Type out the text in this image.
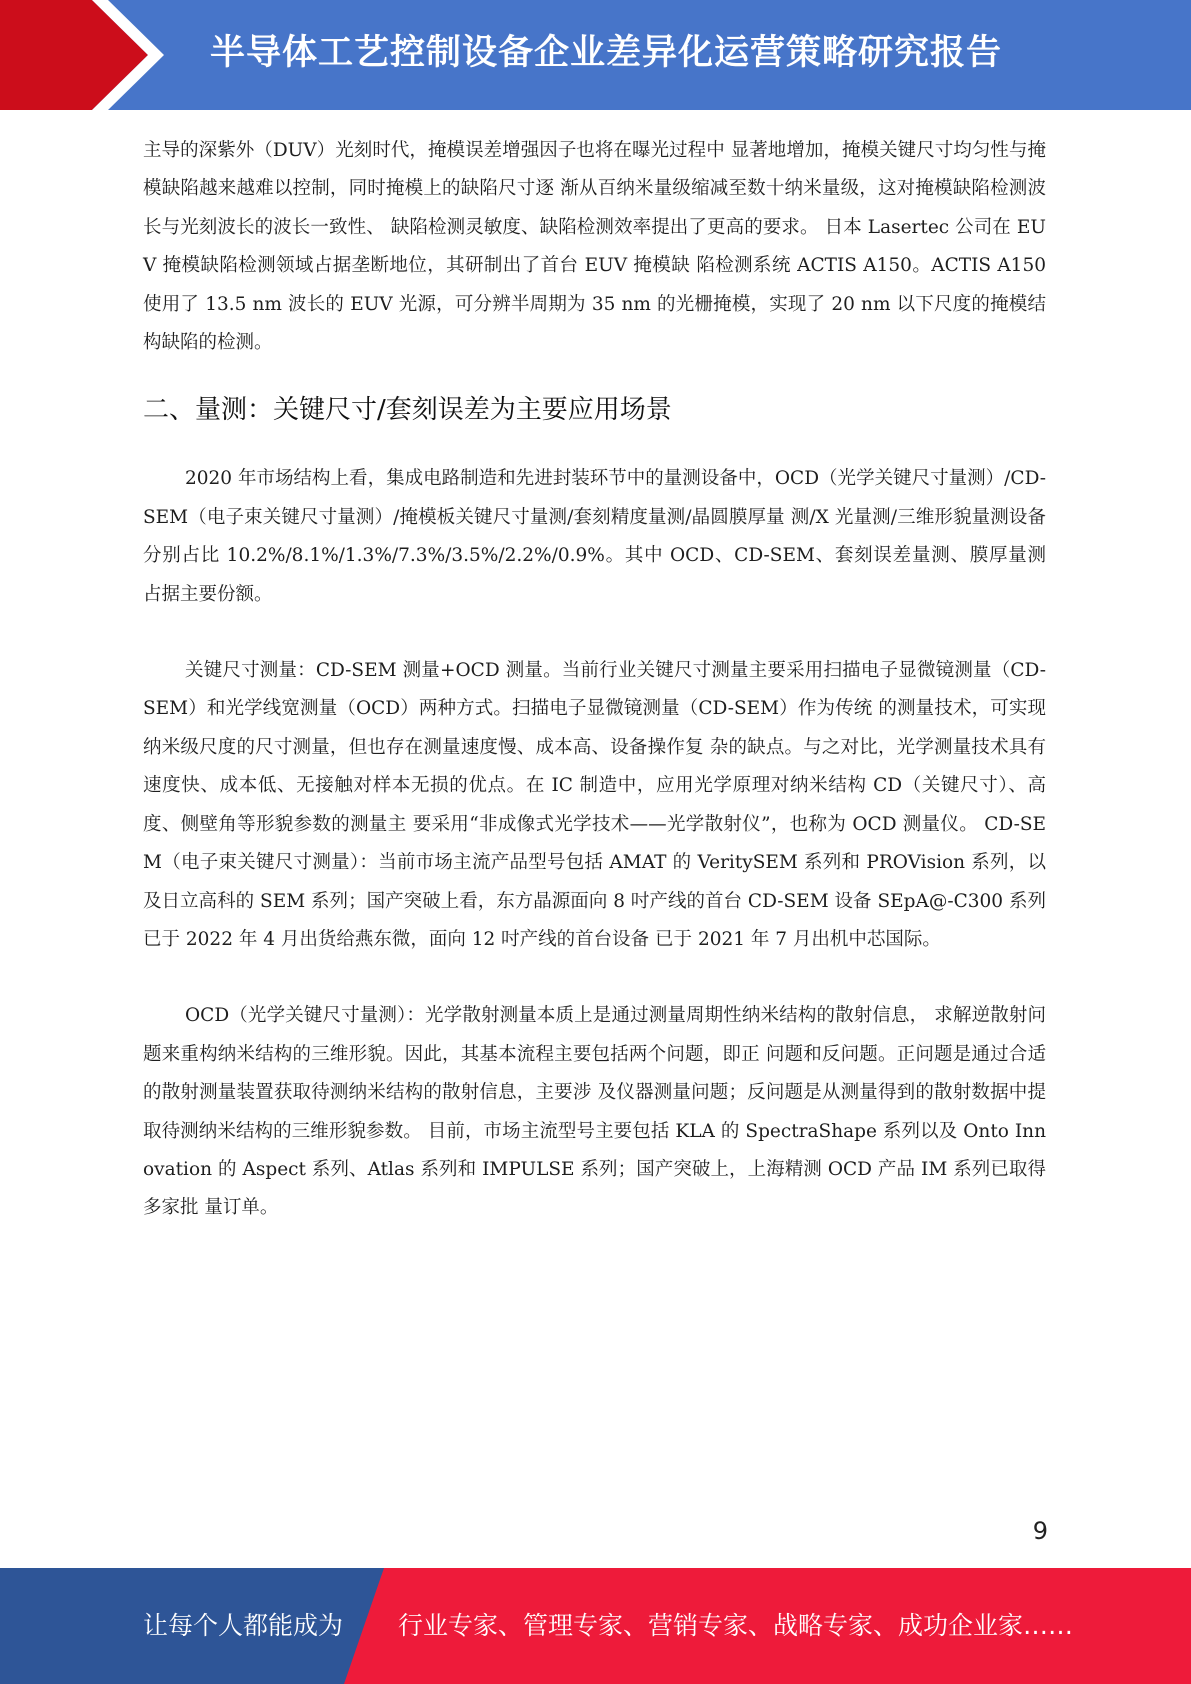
半导体工艺控制设备企业差异化运营策略研究报告

主导的深紫外（DUV）光刻时代，掩模误差增强因子也将在曝光过程中 显著地增加，掩模关键尺寸均匀性与掩模缺陷越来越难以控制，同时掩模上的缺陷尺寸逐 渐从百纳米量级缩减至数十纳米量级，这对掩模缺陷检测波长与光刻波长的波长一致性、 缺陷检测灵敏度、缺陷检测效率提出了更高的要求。 日本 Lasertec 公司在 EUV 掩模缺陷检测领域占据垄断地位，其研制出了首台 EUV 掩模缺 陷检测系统 ACTIS A150。ACTIS A150 使用了 13.5 nm 波长的 EUV 光源，可分辨半周期为 35 nm 的光栅掩模，实现了 20 nm 以下尺度的掩模结构缺陷的检测。

二、量测：关键尺寸/套刻误差为主要应用场景

2020 年市场结构上看，集成电路制造和先进封装环节中的量测设备中，OCD（光学关键尺寸量测）/CD-SEM（电子束关键尺寸量测）/掩模板关键尺寸量测/套刻精度量测/晶圆膜厚量 测/X 光量测/三维形貌量测设备分别占比 10.2%/8.1%/1.3%/7.3%/3.5%/2.2%/0.9%。其中 OCD、CD-SEM、套刻误差量测、膜厚量测占据主要份额。

关键尺寸测量：CD-SEM 测量+OCD 测量。当前行业关键尺寸测量主要采用扫描电子显微镜测量（CD-SEM）和光学线宽测量（OCD）两种方式。扫描电子显微镜测量（CD-SEM）作为传统 的测量技术，可实现纳米级尺度的尺寸测量，但也存在测量速度慢、成本高、设备操作复 杂的缺点。与之对比，光学测量技术具有速度快、成本低、无接触对样本无损的优点。在 IC 制造中，应用光学原理对纳米结构 CD（关键尺寸）、高度、侧壁角等形貌参数的测量主 要采用“非成像式光学技术——光学散射仪”，也称为 OCD 测量仪。 CD-SEM（电子束关键尺寸测量）：当前市场主流产品型号包括 AMAT 的 VeritySEM 系列和 PROVision 系列，以及日立高科的 SEM 系列；国产突破上看，东方晶源面向 8 吋产线的首台 CD-SEM 设备 SEpA@-C300 系列已于 2022 年 4 月出货给燕东微，面向 12 吋产线的首台设备 已于 2021 年 7 月出机中芯国际。

OCD（光学关键尺寸量测）：光学散射测量本质上是通过测量周期性纳米结构的散射信息， 求解逆散射问题来重构纳米结构的三维形貌。因此，其基本流程主要包括两个问题，即正 问题和反问题。正问题是通过合适的散射测量装置获取待测纳米结构的散射信息，主要涉 及仪器测量问题；反问题是从测量得到的散射数据中提取待测纳米结构的三维形貌参数。 目前，市场主流型号主要包括 KLA 的 SpectraShape 系列以及 Onto Innovation 的 Aspect 系列、Atlas 系列和 IMPULSE 系列；国产突破上，上海精测 OCD 产品 IM 系列已取得多家批 量订单。

9
让每个人都能成为 行业专家、管理专家、营销专家、战略专家、成功企业家……
